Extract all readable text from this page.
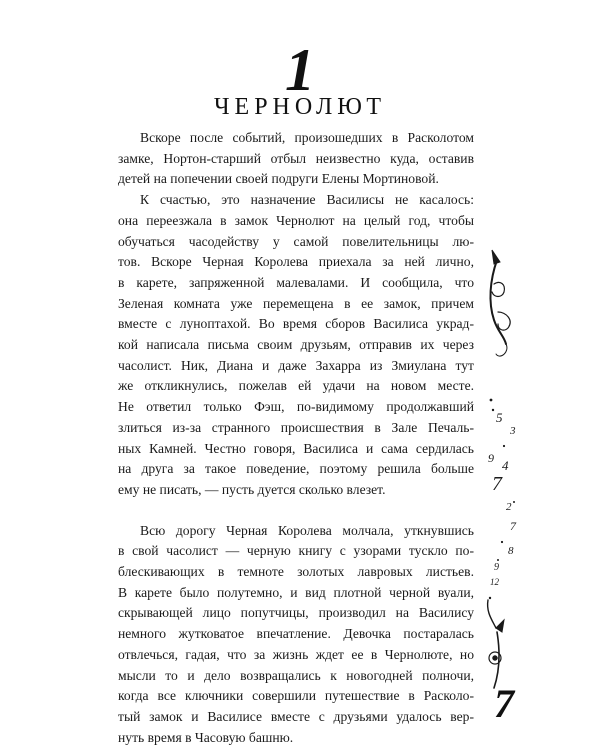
1
ЧЕРНОЛЮТ

Вскоре после событий, произошедших в Расколотом
замке, Нортон-старший отбыл неизвестно куда, оставив
детей на попечении своей подруги Елены Мортиновой.

К счастью, это назначение Василисы не касалось:
она переезжала в замок Чернолют на целый год, чтобы
обучаться часодейству у самой повелительницы лю-
тов. Вскоре Черная Королева приехала за ней лично,
в карете, запряженной малевалами. И сообщила, что
Зеленая комната уже перемещена в ее замок, причем
вместе с луноптахой. Во время сборов Василиса украд-
кой написала письма своим друзьям, отправив их через
часолист. Ник, Диана и даже Захарра из Змиулана тут
же откликнулись, пожелав ей удачи на новом месте.
Не ответил только Фэш, по-видимому продолжавший
злиться из-за странного происшествия в Зале Печаль-
ных Камней. Честно говоря, Василиса и сама сердилась
на друга за такое поведение, поэтому решила больше
ему не писать, — пусть дуется сколько влезет.

Всю дорогу Черная Королева молчала, уткнувшись
в свой часолист — черную книгу с узорами тускло по-
блескивающих в темноте золотых лавровых листьев.
В карете было полутемно, и вид плотной черной вуали,
скрывающей лицо попутчицы, производил на Василису
немного жутковатое впечатление. Девочка постаралась
отвлечься, гадая, что за жизнь ждет ее в Чернолюте, но
мысли то и дело возвращались к новогодней полночи,
когда все ключники совершили путешествие в Расколо-
тый замок и Василисе вместе с друзьями удалось вер-
нуть время в Часовую башню.

5
3
9 4
7
2
7
8
9
12
7
